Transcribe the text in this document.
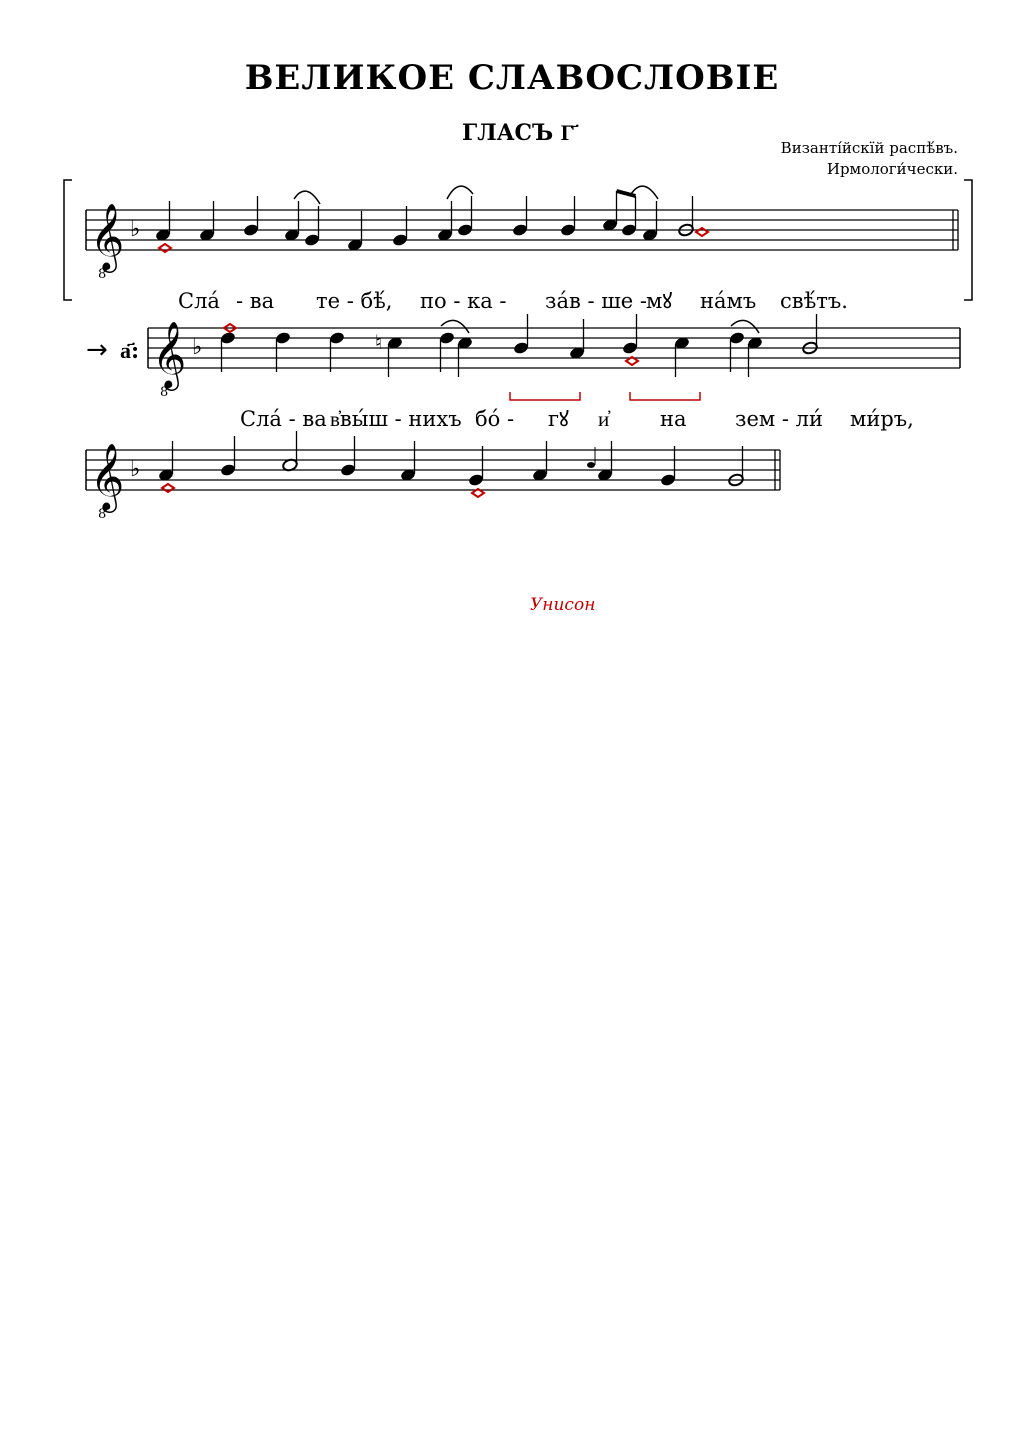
ВЕЛИКОЕ СЛАВОСЛОВІЕ
ГЛАСЪ Г҃
Византі́йскїй распѣ́въ.
Ирмологи́чески.
𝄞
8
♭
Сла́ - ва те - бѣ́, по - ка - за́в - ше - мꙋ на́мъ свѣ́тъ.
𝄞
8
♭
а҃:
→	♮
Унисон
Сла́ - ва в҆вы́ш - нихъ бо́ - гꙋ и҆ на зем - ли́ ми́ръ,
𝄞
8
♭
